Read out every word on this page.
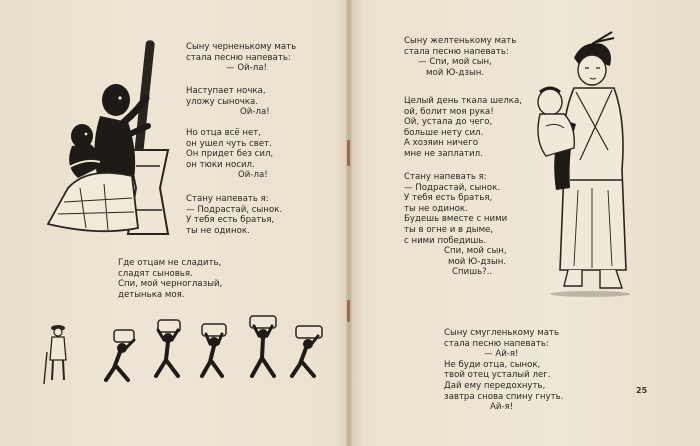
Сыну черненькому мать
стала песню напевать:
— Ой-ла!
Наступает ночка,
уложу сыночка.
Ой-ла!
Но отца всё нет,
он ушел чуть свет.
Он придет без сил,
он тюки носил.
Ой-ла!
Стану напевать я:
— Подрастай, сынок.
У тебя есть братья,
ты не одинок.
Где отцам не сладить,
сладят сыновья.
Спи, мой черноглазый,
детынька моя.
Сыну желтенькому мать
стала песню напевать:
— Спи, мой сын,
мой Ю-дзын.
Целый день ткала шелка,
ой, болит моя рука!
Ой, устала до чего,
больше нету сил.
А хозяин ничего
мне не заплатил.
Стану напевать я:
— Подрастай, сынок.
У тебя есть братья,
ты не одинок.
Будешь вместе с ними
ты в огне и в дыме,
с ними победишь.
Спи, мой сын,
мой Ю-дзын.
Спишь?..
Сыну смугленькому мать
стала песню напевать:
— Ай-я!
Не буди отца, сынок,
твой отец усталый лег.
Дай ему передохнуть,
завтра снова спину гнуть.
Ай-я!
25
